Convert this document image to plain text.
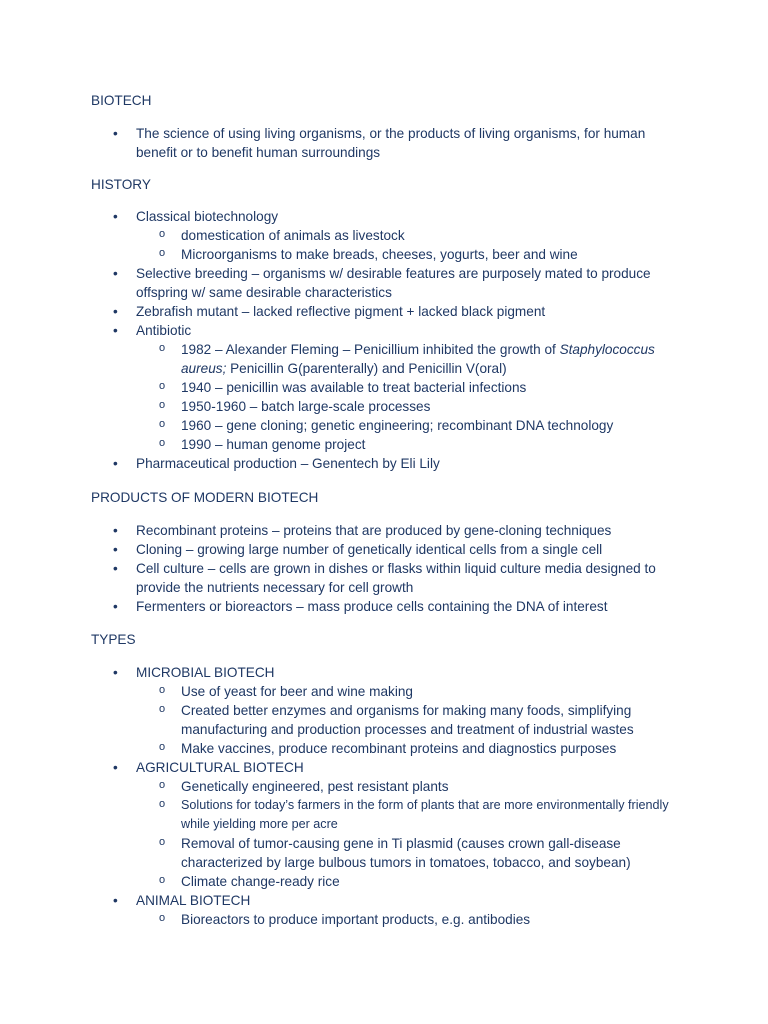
BIOTECH
• The science of using living organisms, or the products of living organisms, for human benefit or to benefit human surroundings
HISTORY
• Classical biotechnology
o domestication of animals as livestock
o Microorganisms to make breads, cheeses, yogurts, beer and wine
• Selective breeding – organisms w/ desirable features are purposely mated to produce offspring w/ same desirable characteristics
• Zebrafish mutant – lacked reflective pigment + lacked black pigment
• Antibiotic
o 1982 – Alexander Fleming – Penicillium inhibited the growth of Staphylococcus aureus; Penicillin G(parenterally) and Penicillin V(oral)
o 1940 – penicillin was available to treat bacterial infections
o 1950-1960 – batch large-scale processes
o 1960 – gene cloning; genetic engineering; recombinant DNA technology
o 1990 – human genome project
• Pharmaceutical production – Genentech by Eli Lily
PRODUCTS OF MODERN BIOTECH
• Recombinant proteins – proteins that are produced by gene-cloning techniques
• Cloning – growing large number of genetically identical cells from a single cell
• Cell culture – cells are grown in dishes or flasks within liquid culture media designed to provide the nutrients necessary for cell growth
• Fermenters or bioreactors – mass produce cells containing the DNA of interest
TYPES
• MICROBIAL BIOTECH
o Use of yeast for beer and wine making
o Created better enzymes and organisms for making many foods, simplifying manufacturing and production processes and treatment of industrial wastes
o Make vaccines, produce recombinant proteins and diagnostics purposes
• AGRICULTURAL BIOTECH
o Genetically engineered, pest resistant plants
o Solutions for today’s farmers in the form of plants that are more environmentally friendly while yielding more per acre
o Removal of tumor-causing gene in Ti plasmid (causes crown gall-disease characterized by large bulbous tumors in tomatoes, tobacco, and soybean)
o Climate change-ready rice
• ANIMAL BIOTECH
o Bioreactors to produce important products, e.g. antibodies
